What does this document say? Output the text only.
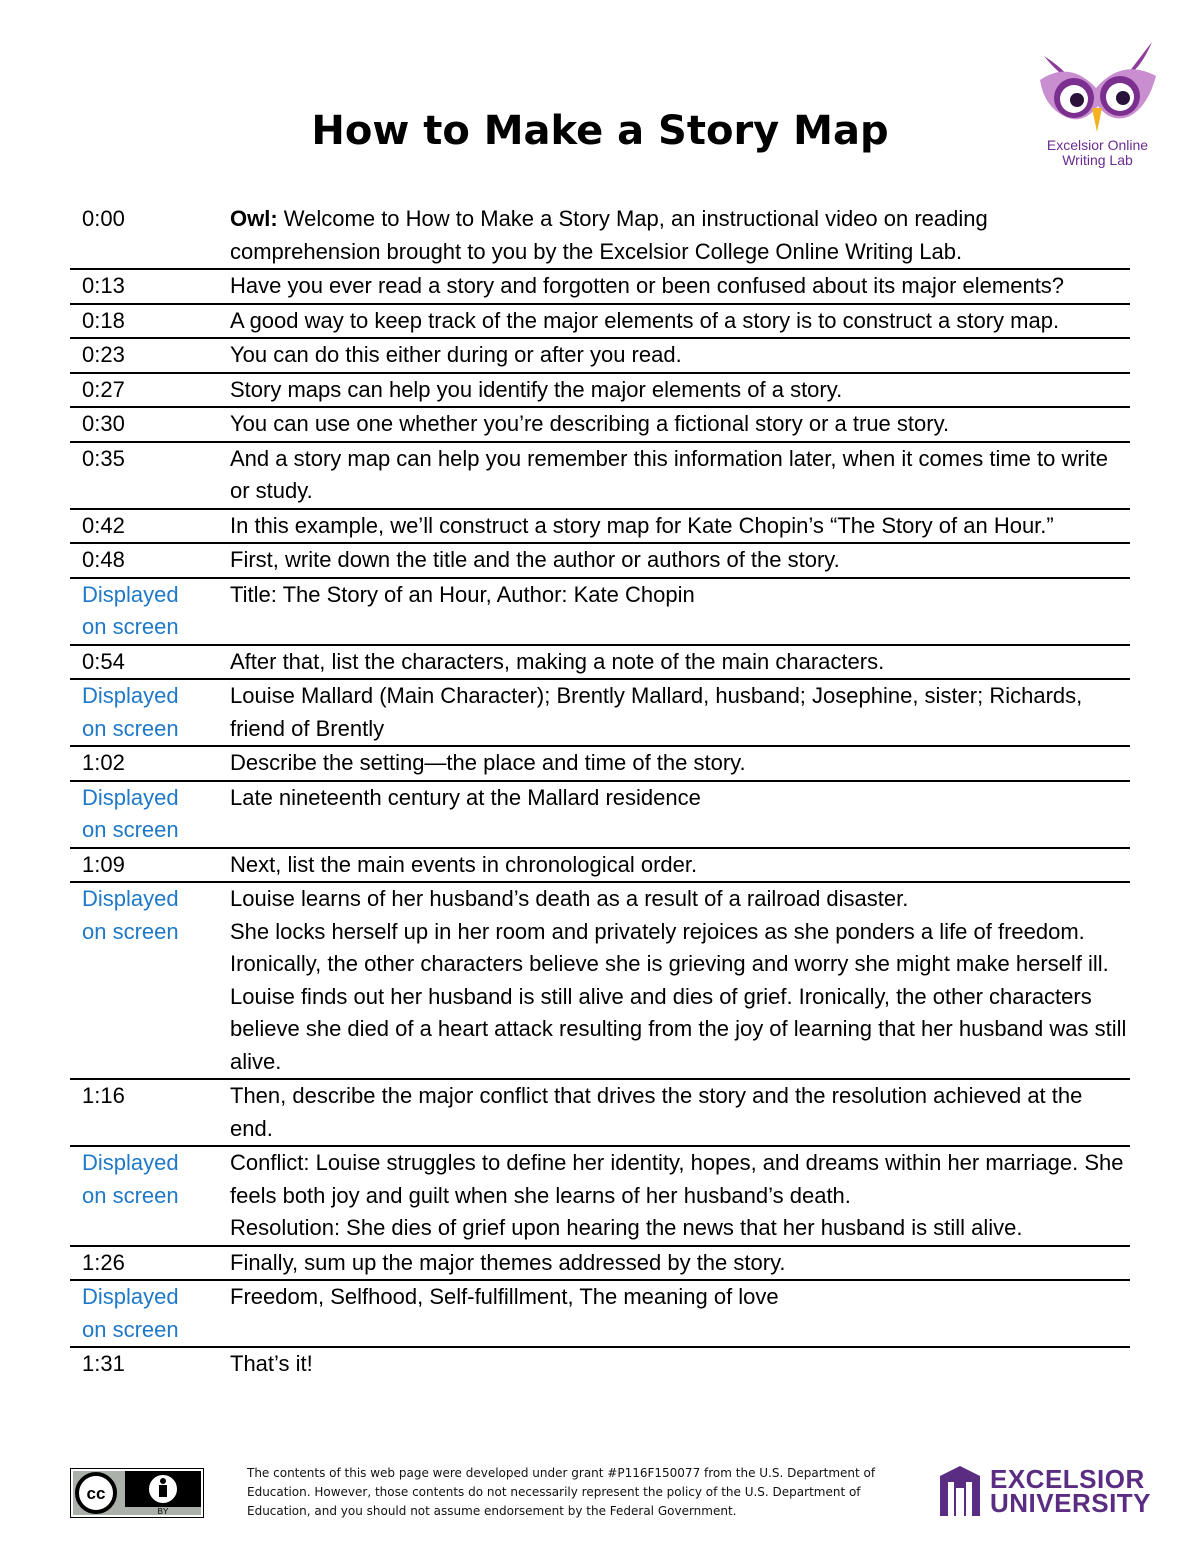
Excelsior Online
Writing Lab
How to Make a Story Map
0:00	Owl: Welcome to How to Make a Story Map, an instructional video on reading comprehension brought to you by the Excelsior College Online Writing Lab.
0:13	Have you ever read a story and forgotten or been confused about its major elements?
0:18	A good way to keep track of the major elements of a story is to construct a story map.
0:23	You can do this either during or after you read.
0:27	Story maps can help you identify the major elements of a story.
0:30	You can use one whether you’re describing a fictional story or a true story.
0:35	And a story map can help you remember this information later, when it comes time to write or study.
0:42	In this example, we’ll construct a story map for Kate Chopin’s “The Story of an Hour.”
0:48	First, write down the title and the author or authors of the story.
Displayed on screen	Title: The Story of an Hour, Author: Kate Chopin
0:54	After that, list the characters, making a note of the main characters.
Displayed on screen	Louise Mallard (Main Character); Brently Mallard, husband; Josephine, sister; Richards, friend of Brently
1:02	Describe the setting—the place and time of the story.
Displayed on screen	Late nineteenth century at the Mallard residence
1:09	Next, list the main events in chronological order.
Displayed on screen	Louise learns of her husband’s death as a result of a railroad disaster.
She locks herself up in her room and privately rejoices as she ponders a life of freedom. Ironically, the other characters believe she is grieving and worry she might make herself ill.
Louise finds out her husband is still alive and dies of grief. Ironically, the other characters believe she died of a heart attack resulting from the joy of learning that her husband was still alive.

1:16	Then, describe the major conflict that drives the story and the resolution achieved at the end.
Displayed on screen	Conflict: Louise struggles to define her identity, hopes, and dreams within her marriage. She feels both joy and guilt when she learns of her husband’s death.
Resolution: She dies of grief upon hearing the news that her husband is still alive.

1:26	Finally, sum up the major themes addressed by the story.
Displayed on screen	Freedom, Selfhood, Self-fulfillment, The meaning of love
1:31	That’s it!
cc
BY
The contents of this web page were developed under grant #P116F150077 from the U.S. Department of Education. However, those contents do not necessarily represent the policy of the U.S. Department of Education, and you should not assume endorsement by the Federal Government.
EXCELSIOR
UNIVERSITY
